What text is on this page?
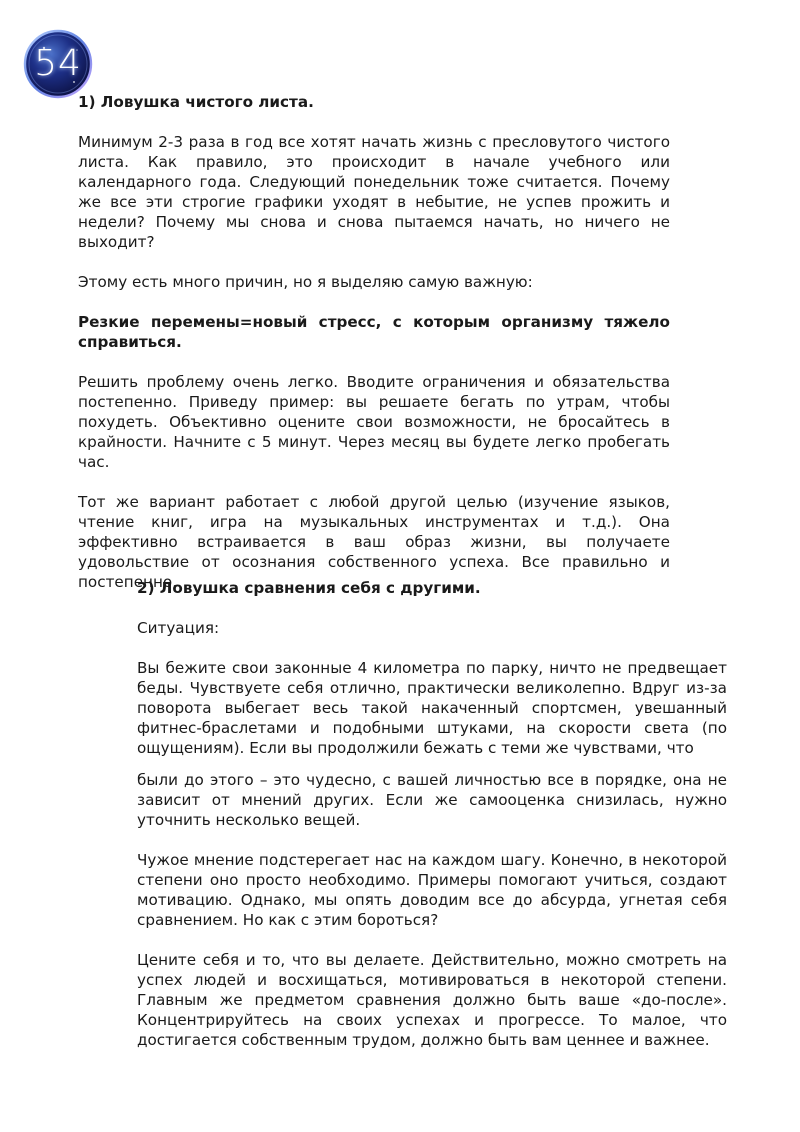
54

1) Ловушка чистого листа.

Минимум 2-3 раза в год все хотят начать жизнь с пресловутого чистого листа. Как правило, это происходит в начале учебного или календарного года. Следующий понедельник тоже считается. Почему же все эти строгие графики уходят в небытие, не успев прожить и недели? Почему мы снова и снова пытаемся начать, но ничего не выходит?

Этому есть много причин, но я выделяю самую важную:

Резкие перемены=новый стресс, с которым организму тяжело справиться.

Решить проблему очень легко. Вводите ограничения и обязательства постепенно. Приведу пример: вы решаете бегать по утрам, чтобы похудеть. Объективно оцените свои возможности, не бросайтесь в крайности. Начните с 5 минут. Через месяц вы будете легко пробегать час.

Тот же вариант работает с любой другой целью (изучение языков, чтение книг, игра на музыкальных инструментах и т.д.). Она эффективно встраивается в ваш образ жизни, вы получаете удовольствие от осознания собственного успеха. Все правильно и постепенно.

2) Ловушка сравнения себя с другими.

Ситуация:

Вы бежите свои законные 4 километра по парку, ничто не предвещает беды. Чувствуете себя отлично, практически великолепно. Вдруг из-за поворота выбегает весь такой накаченный спортсмен, увешанный фитнес-браслетами и подобными штуками, на скорости света (по ощущениям). Если вы продолжили бежать с теми же чувствами, что

были до этого – это чудесно, с вашей личностью все в порядке, она не зависит от мнений других. Если же самооценка снизилась, нужно уточнить несколько вещей.

Чужое мнение подстерегает нас на каждом шагу. Конечно, в некоторой степени оно просто необходимо. Примеры помогают учиться, создают мотивацию. Однако, мы опять доводим все до абсурда, угнетая себя сравнением. Но как с этим бороться?

Цените себя и то, что вы делаете. Действительно, можно смотреть на успех людей и восхищаться, мотивироваться в некоторой степени. Главным же предметом сравнения должно быть ваше «до-после». Концентрируйтесь на своих успехах и прогрессе. То малое, что достигается собственным трудом, должно быть вам ценнее и важнее.
